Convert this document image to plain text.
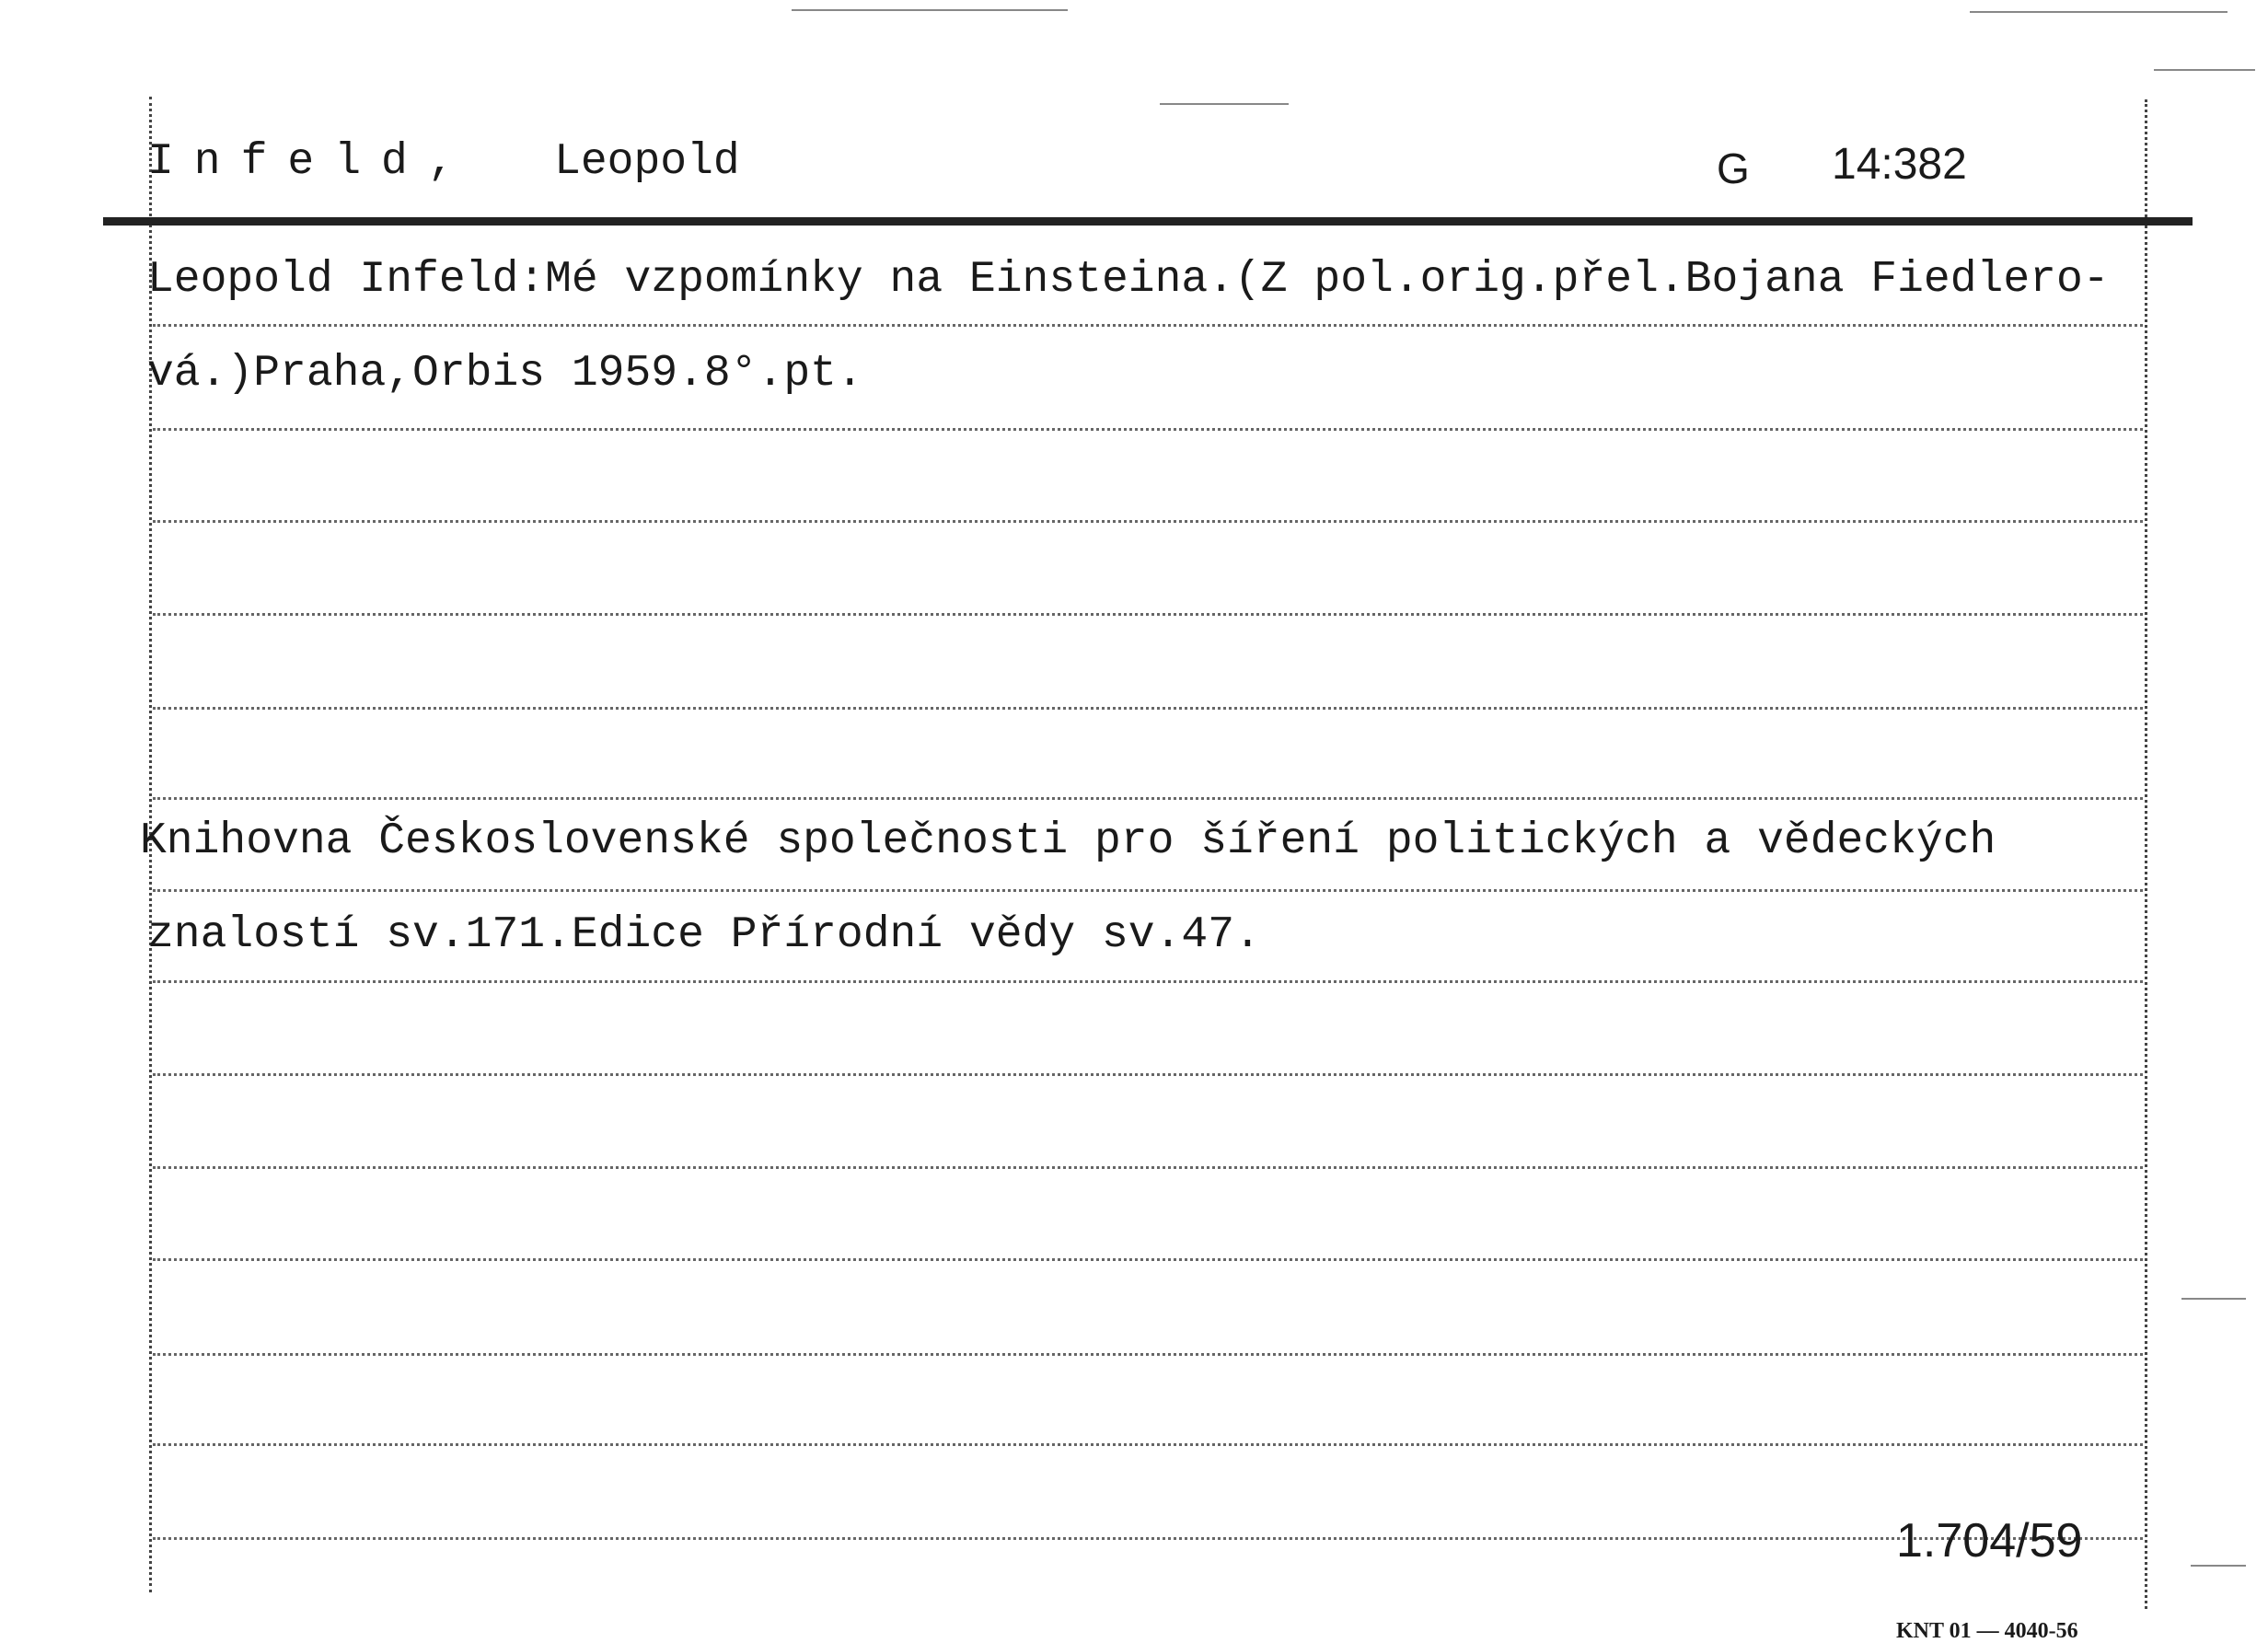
Infeld, Leopold	G 14:382
Leopold Infeld:Mé vzpomínky na Einsteina.(Z pol.orig.přel.Bojana Fiedlero-
vá.)Praha,Orbis 1959.8°.pt.
Knihovna Československé společnosti pro šíření politických a vědeckých
znalostí sv.171.Edice Přírodní vědy sv.47.
1.704/59
KNT 01 — 4040-56
